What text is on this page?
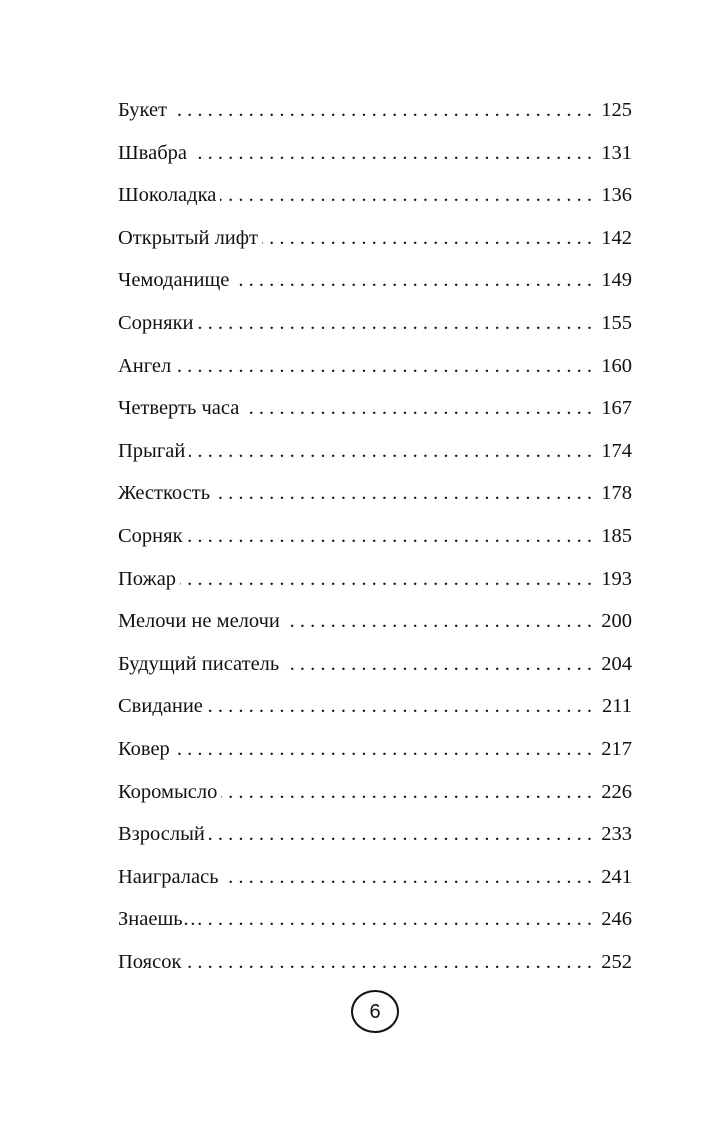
Букет . . .	125
Швабра . . .	131
Шоколадка . . .	136
Открытый лифт . . .	142
Чемоданище . . .	149
Сорняки . . .	155
Ангел . . .	160
Четверть часа . . .	167
Прыгай . . .	174
Жесткость . . .	178
Сорняк . . .	185
Пожар . . .	193
Мелочи не мелочи . . .	200
Будущий писатель . . .	204
Свидание . . .	211
Ковер . . .	217
Коромысло . . .	226
Взрослый . . .	233
Наигралась . . .	241
Знаешь… . . .	246
Поясок . . .	252
6
